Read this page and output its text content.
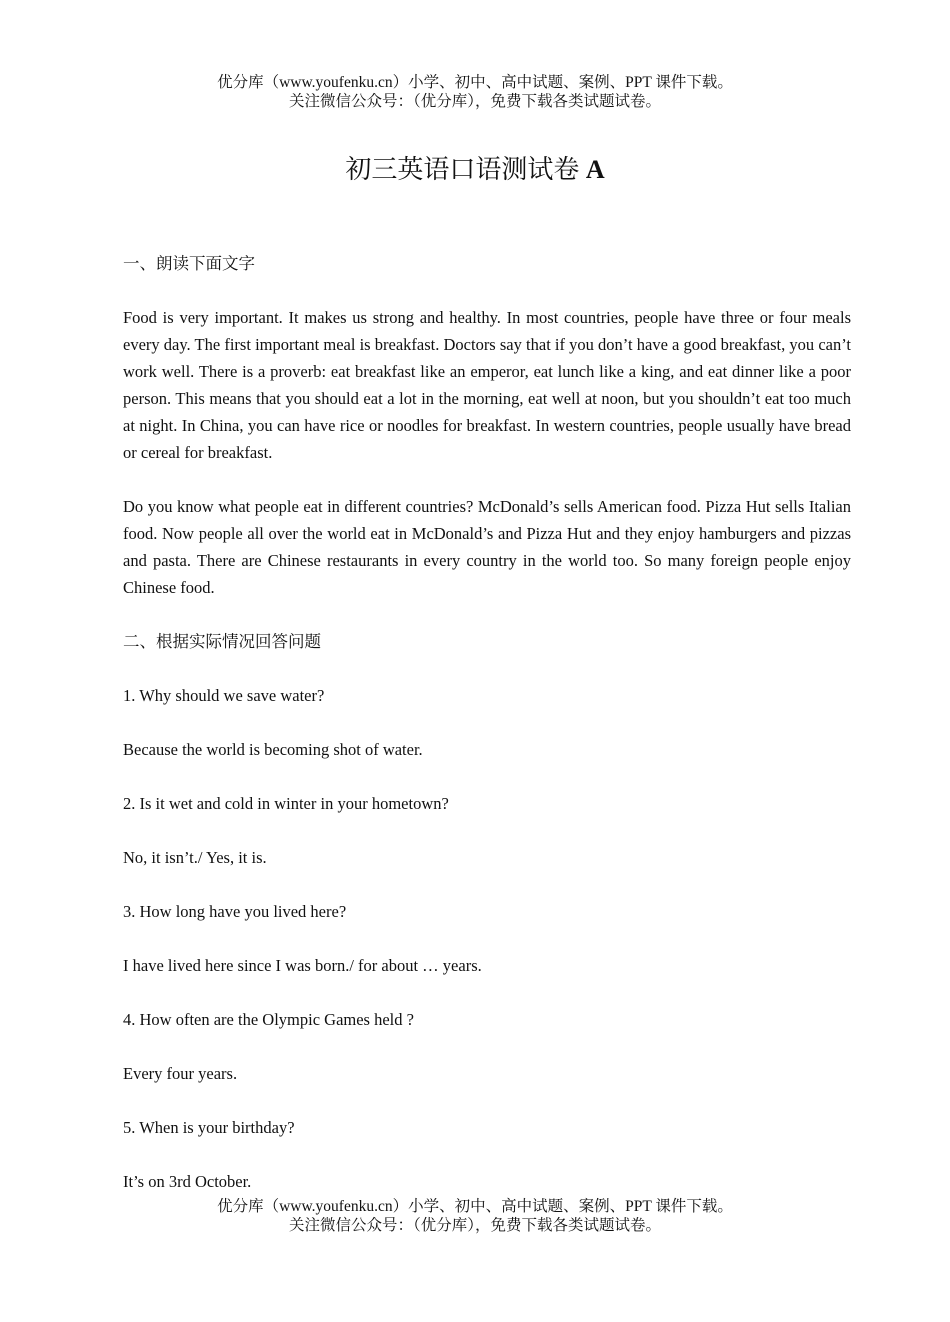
优分库（www.youfenku.cn）小学、初中、高中试题、案例、PPT 课件下载。
关注微信公众号：（优分库），免费下载各类试题试卷。
初三英语口语测试卷 A

一、朗读下面文字

Food is very important. It makes us strong and healthy. In most countries, people have three or four meals every day. The first important meal is breakfast. Doctors say that if you don’t have a good breakfast, you can’t work well. There is a proverb: eat breakfast like an emperor, eat lunch like a king, and eat dinner like a poor person. This means that you should eat a lot in the morning, eat well at noon, but you shouldn’t eat too much at night. In China, you can have rice or noodles for breakfast. In western countries, people usually have bread or cereal for breakfast.

Do you know what people eat in different countries? McDonald’s sells American food. Pizza Hut sells Italian food. Now people all over the world eat in McDonald’s and Pizza Hut and they enjoy hamburgers and pizzas and pasta. There are Chinese restaurants in every country in the world too. So many foreign people enjoy Chinese food.

二、根据实际情况回答问题

1. Why should we save water?

Because the world is becoming shot of water.

2. Is it wet and cold in winter in your hometown?

No, it isn’t./ Yes, it is.

3. How long have you lived here?

I have lived here since I was born./ for about … years.

4. How often are the Olympic Games held ?

Every four years.

5. When is your birthday?

It’s on 3rd October.

优分库（www.youfenku.cn）小学、初中、高中试题、案例、PPT 课件下载。
关注微信公众号：（优分库），免费下载各类试题试卷。
